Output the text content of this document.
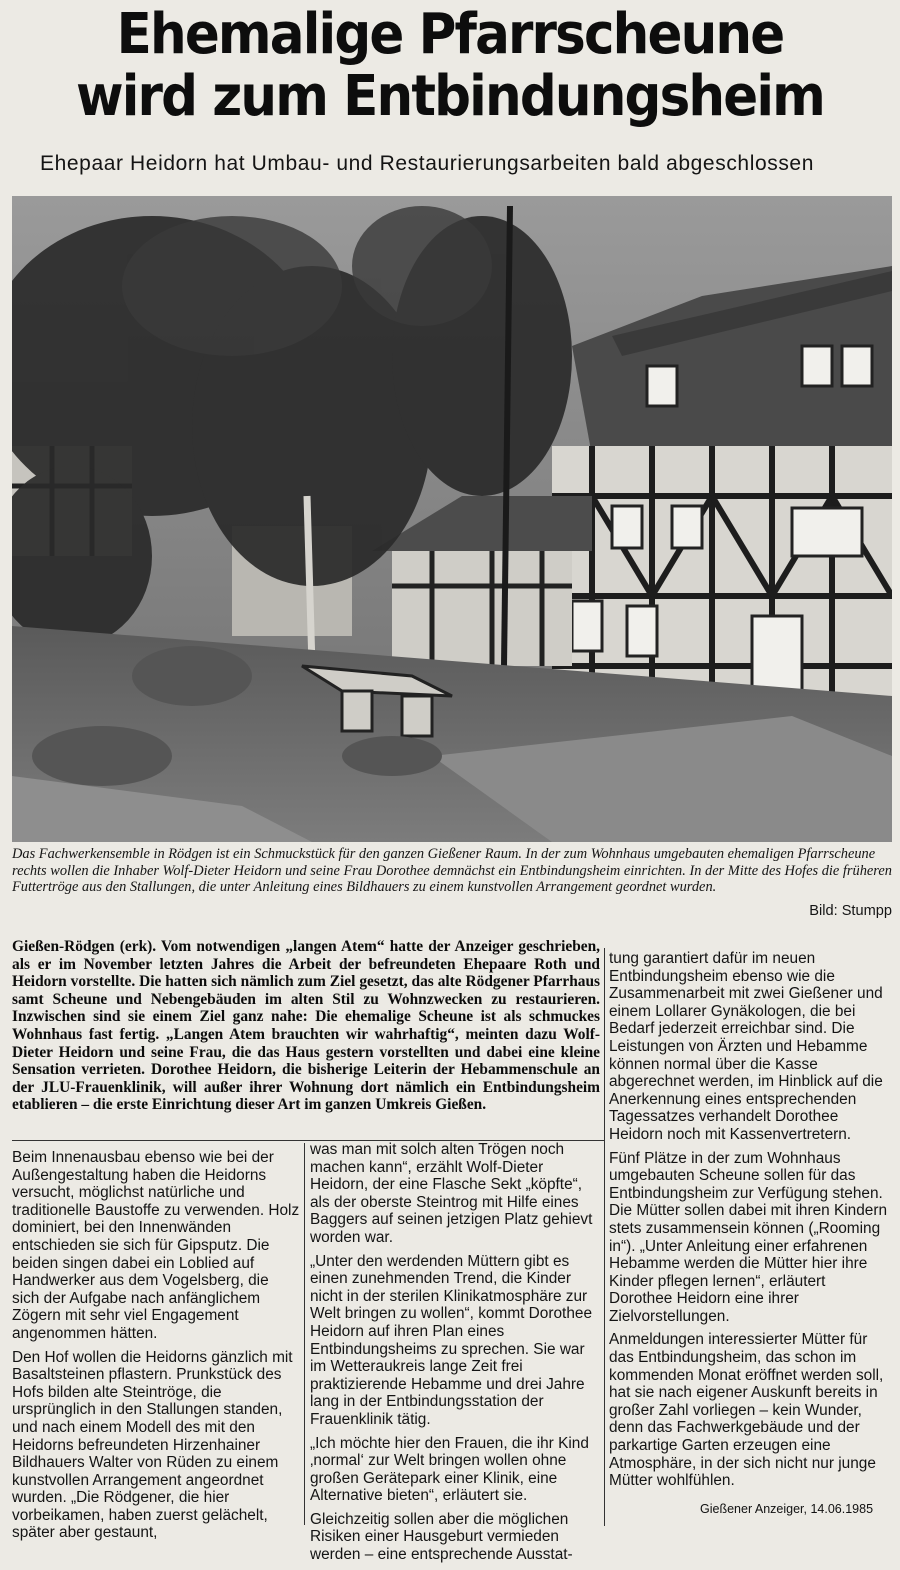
Ehemalige Pfarrscheune
wird zum Entbindungsheim
Ehepaar Heidorn hat Umbau- und Restaurierungsarbeiten bald abgeschlossen
Das Fachwerkensemble in Rödgen ist ein Schmuckstück für den ganzen Gießener Raum. In der zum Wohnhaus umgebauten ehemaligen Pfarrscheune rechts wollen die Inhaber Wolf-Dieter Heidorn und seine Frau Dorothee demnächst ein Entbindungsheim einrichten. In der Mitte des Hofes die früheren Futtertröge aus den Stallungen, die unter Anleitung eines Bildhauers zu einem kunstvollen Arrangement geordnet wurden.
Bild: Stumpp
Gießen-Rödgen (erk). Vom notwendigen „langen Atem“ hatte der Anzeiger geschrieben, als er im November letzten Jahres die Arbeit der befreundeten Ehepaare Roth und Heidorn vorstellte. Die hatten sich nämlich zum Ziel gesetzt, das alte Rödgener Pfarrhaus samt Scheune und Nebengebäuden im alten Stil zu Wohnzwecken zu restaurieren. Inzwischen sind sie einem Ziel ganz nahe: Die ehemalige Scheune ist als schmuckes Wohnhaus fast fertig. „Langen Atem brauchten wir wahrhaftig“, meinten dazu Wolf-Dieter Heidorn und seine Frau, die das Haus gestern vorstellten und dabei eine kleine Sensation verrieten. Dorothee Heidorn, die bisherige Leiterin der Hebammenschule an der JLU-Frauenklinik, will außer ihrer Wohnung dort nämlich ein Entbindungsheim etablieren – die erste Einrichtung dieser Art im ganzen Umkreis Gießen.

Beim Innenausbau ebenso wie bei der Außengestaltung haben die Heidorns versucht, möglichst natürliche und traditionelle Baustoffe zu verwenden. Holz dominiert, bei den Innenwänden entschieden sie sich für Gipsputz. Die beiden singen dabei ein Loblied auf Handwerker aus dem Vogelsberg, die sich der Aufgabe nach anfänglichem Zögern mit sehr viel Engagement angenommen hätten.

Den Hof wollen die Heidorns gänzlich mit Basaltsteinen pflastern. Prunkstück des Hofs bilden alte Steintröge, die ursprünglich in den Stallungen standen, und nach einem Modell des mit den Heidorns befreundeten Hirzenhainer Bildhauers Walter von Rüden zu einem kunstvollen Arrangement angeordnet wurden. „Die Rödgener, die hier vorbeikamen, haben zuerst gelächelt, später aber gestaunt,

was man mit solch alten Trögen noch machen kann“, erzählt Wolf-Dieter Heidorn, der eine Flasche Sekt „köpfte“, als der oberste Steintrog mit Hilfe eines Baggers auf seinen jetzigen Platz gehievt worden war.

„Unter den werdenden Müttern gibt es einen zunehmenden Trend, die Kinder nicht in der sterilen Klinikatmosphäre zur Welt bringen zu wollen“, kommt Dorothee Heidorn auf ihren Plan eines Entbindungsheims zu sprechen. Sie war im Wetteraukreis lange Zeit frei praktizierende Hebamme und drei Jahre lang in der Entbindungsstation der Frauenklinik tätig.

„Ich möchte hier den Frauen, die ihr Kind ‚normal‘ zur Welt bringen wollen ohne großen Gerätepark einer Klinik, eine Alternative bieten“, erläutert sie.

Gleichzeitig sollen aber die möglichen Risiken einer Hausgeburt vermieden werden – eine entsprechende Ausstat-

tung garantiert dafür im neuen Entbindungsheim ebenso wie die Zusammenarbeit mit zwei Gießener und einem Lollarer Gynäkologen, die bei Bedarf jederzeit erreichbar sind. Die Leistungen von Ärzten und Hebamme können normal über die Kasse abgerechnet werden, im Hinblick auf die Anerkennung eines entsprechenden Tagessatzes verhandelt Dorothee Heidorn noch mit Kassenvertretern.

Fünf Plätze in der zum Wohnhaus umgebauten Scheune sollen für das Entbindungsheim zur Verfügung stehen. Die Mütter sollen dabei mit ihren Kindern stets zusammensein können („Rooming in“). „Unter Anleitung einer erfahrenen Hebamme werden die Mütter hier ihre Kinder pflegen lernen“, erläutert Dorothee Heidorn eine ihrer Zielvorstellungen.

Anmeldungen interessierter Mütter für das Entbindungsheim, das schon im kommenden Monat eröffnet werden soll, hat sie nach eigener Auskunft bereits in großer Zahl vorliegen – kein Wunder, denn das Fachwerkgebäude und der parkartige Garten erzeugen eine Atmosphäre, in der sich nicht nur junge Mütter wohlfühlen.

Gießener Anzeiger, 14.06.1985
